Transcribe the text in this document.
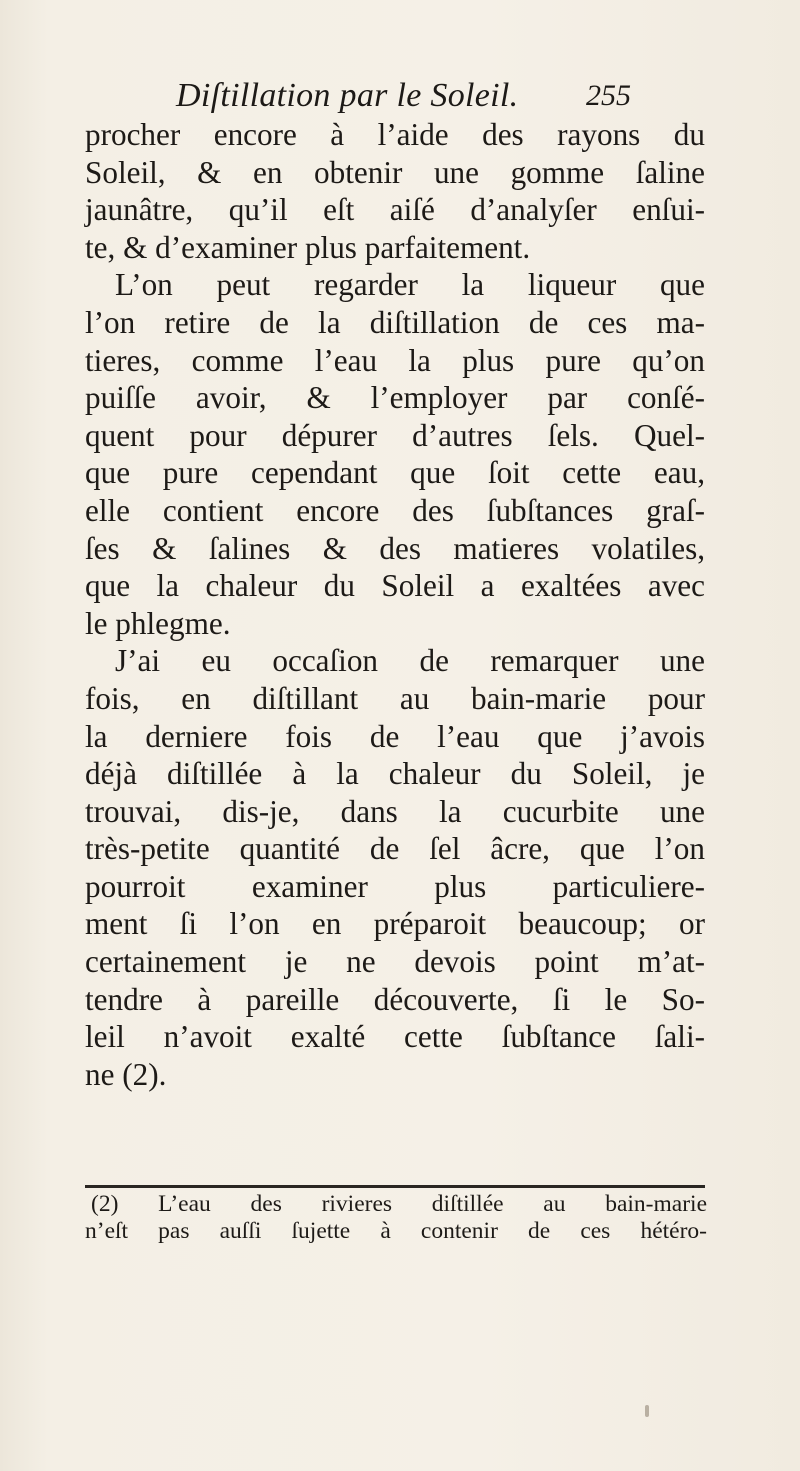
Diſtillation par le Soleil. 255
procher encore à l’aide des rayons du
Soleil, & en obtenir une gomme ſaline
jaunâtre, qu’il eſt aiſé d’analyſer enſui-
te, & d’examiner plus parfaitement.
L’on peut regarder la liqueur que
l’on retire de la diſtillation de ces ma-
tieres, comme l’eau la plus pure qu’on
puiſſe avoir, & l’employer par conſé-
quent pour dépurer d’autres ſels. Quel-
que pure cependant que ſoit cette eau,
elle contient encore des ſubſtances graſ-
ſes & ſalines & des matieres volatiles,
que la chaleur du Soleil a exaltées avec
le phlegme.
J’ai eu occaſion de remarquer une
fois, en diſtillant au bain-marie pour
la derniere fois de l’eau que j’avois
déjà diſtillée à la chaleur du Soleil, je
trouvai, dis-je, dans la cucurbite une
très-petite quantité de ſel âcre, que l’on
pourroit examiner plus particuliere-
ment ſi l’on en préparoit beaucoup; or
certainement je ne devois point m’at-
tendre à pareille découverte, ſi le So-
leil n’avoit exalté cette ſubſtance ſali-
ne (2).
(2) L’eau des rivieres diſtillée au bain-marie
n’eſt pas auſſi ſujette à contenir de ces hétéro-
